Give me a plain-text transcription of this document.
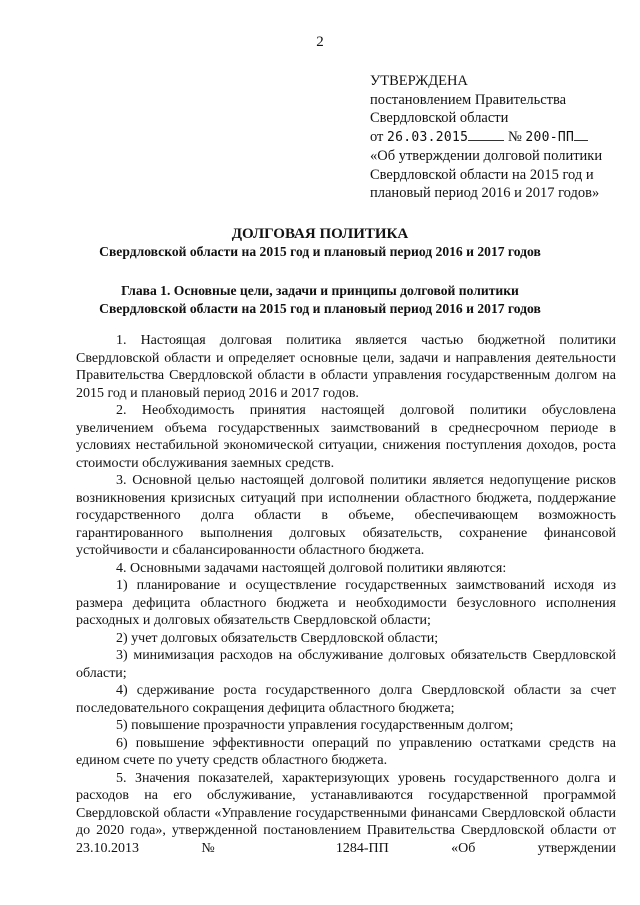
2
УТВЕРЖДЕНА
постановлением Правительства
Свердловской области
от 26.03.2015	№ 200-ПП
«Об утверждении долговой политики
Свердловской области на 2015 год и
плановый период 2016 и 2017 годов»
ДОЛГОВАЯ ПОЛИТИКА
Свердловской области на 2015 год и плановый период 2016 и 2017 годов
Глава 1. Основные цели, задачи и принципы долговой политики
Свердловской области на 2015 год и плановый период 2016 и 2017 годов

1. Настоящая долговая политика является частью бюджетной политики Свердловской области и определяет основные цели, задачи и направления деятельности Правительства Свердловской области в области управления государственным долгом на 2015 год и плановый период 2016 и 2017 годов.

2. Необходимость принятия настоящей долговой политики обусловлена увеличением объема государственных заимствований в среднесрочном периоде в условиях нестабильной экономической ситуации, снижения поступления доходов, роста стоимости обслуживания заемных средств.

3. Основной целью настоящей долговой политики является недопущение рисков возникновения кризисных ситуаций при исполнении областного бюджета, поддержание государственного долга области в объеме, обеспечивающем возможность гарантированного выполнения долговых обязательств, сохранение финансовой устойчивости и сбалансированности областного бюджета.

4. Основными задачами настоящей долговой политики являются:

1) планирование и осуществление государственных заимствований исходя из размера дефицита областного бюджета и необходимости безусловного исполнения расходных и долговых обязательств Свердловской области;

2) учет долговых обязательств Свердловской области;

3) минимизация расходов на обслуживание долговых обязательств Свердловской области;

4) сдерживание роста государственного долга Свердловской области за счет последовательного сокращения дефицита областного бюджета;

5) повышение прозрачности управления государственным долгом;

6) повышение эффективности операций по управлению остатками средств на едином счете по учету средств областного бюджета.

5. Значения показателей, характеризующих уровень государственного долга и расходов на его обслуживание, устанавливаются государственной программой Свердловской области «Управление государственными финансами Свердловской области до 2020 года», утвержденной постановлением Правительства Свердловской области от 23.10.2013 № 1284-ПП «Об утверждении
